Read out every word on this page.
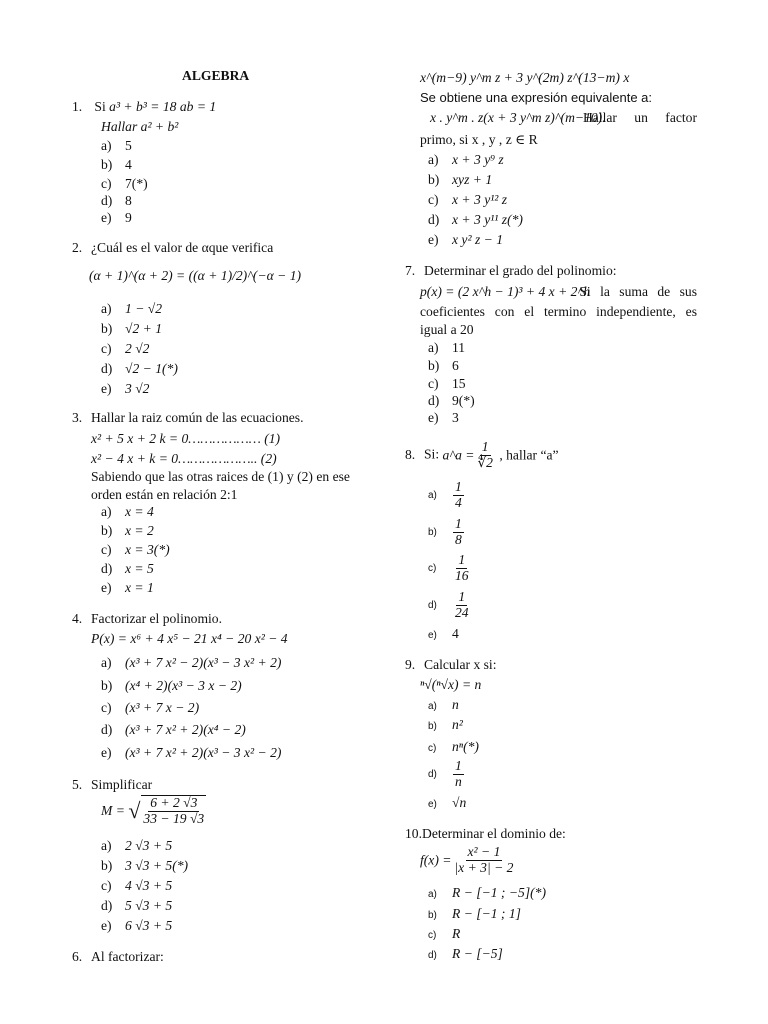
ALGEBRA
1. Si a³ + b³ = 18 ab = 1
Hallar a² + b²
a) 5
b) 4
c) 7(*)
d) 8
e) 9
2. ¿Cuál es el valor de αque verifica
(α + 1)^(α + 2) = ((α + 1)/2)^(−α − 1)
a) 1 − √2
b) √2 + 1
c) 2 √2
d) √2 − 1(*)
e) 3 √2
3. Hallar la raiz común de las ecuaciones.
x² + 5 x + 2 k = 0……………… (1)
x² − 4 x + k = 0……………….. (2)
Sabiendo que las otras raices de (1) y (2) en ese
orden están en relación 2:1
a) x = 4
b) x = 2
c) x = 3(*)
d) x = 5
e) x = 1
4. Factorizar el polinomio.
P(x) = x⁶ + 4 x⁵ − 21 x⁴ − 20 x² − 4
a) (x³ + 7 x² − 2)(x³ − 3 x² + 2)
b) (x⁴ + 2)(x³ − 3 x − 2)
c) (x³ + 7 x − 2)
d) (x³ + 7 x² + 2)(x⁴ − 2)
e) (x³ + 7 x² + 2)(x³ − 3 x² − 2)
5. Simplificar
M = √ $\frac{6 + 2 √3}{33 - 19 √3}$
a) 2 √3 + 5
b) 3 √3 + 5(*)
c) 4 √3 + 5
d) 5 √3 + 5
e) 6 √3 + 5
6. Al factorizar:
x^(m−9) y^m z + 3 y^(2m) z^(13−m) x
Se obtiene una expresión equivalente a:
x . y^m . z(x + 3 y^m z)^(m−10).
Hallar un factor
primo, si x , y , z ∈ R
a) x + 3 y⁹ z
b) xyz + 1
c) x + 3 y¹² z
d) x + 3 y¹¹ z(*)
e) x y² z − 1
7. Determinar el grado del polinomio:
p(x) = (2 x^h − 1)³ + 4 x + 2^h
Si la suma de sus
coeficientes con el termino independiente, es
igual a 20
a) 11
b) 6
c) 15
d) 9(*)
e) 3
8. Si: a^a = $\frac{1}{∜2}$ , hallar “a”
$a) \frac{1}{4}$
$b) \frac{1}{8}$
$c) \frac{1}{16}$
$d) \frac{1}{24}$
e) 4
9. Calcular x si:
ⁿ√(ⁿ√x) = n
a) n
b) n²
c) nⁿ(*)
$d) \frac{1}{n}$
e) √n
10.Determinar el dominio de:
$f(x) = \frac{\text{x² − 1}}{|x + 3| - 2}$
a) R − [−1 ; −5](*)
b) R − [−1 ; 1]
c) R
d) R − [−5]
